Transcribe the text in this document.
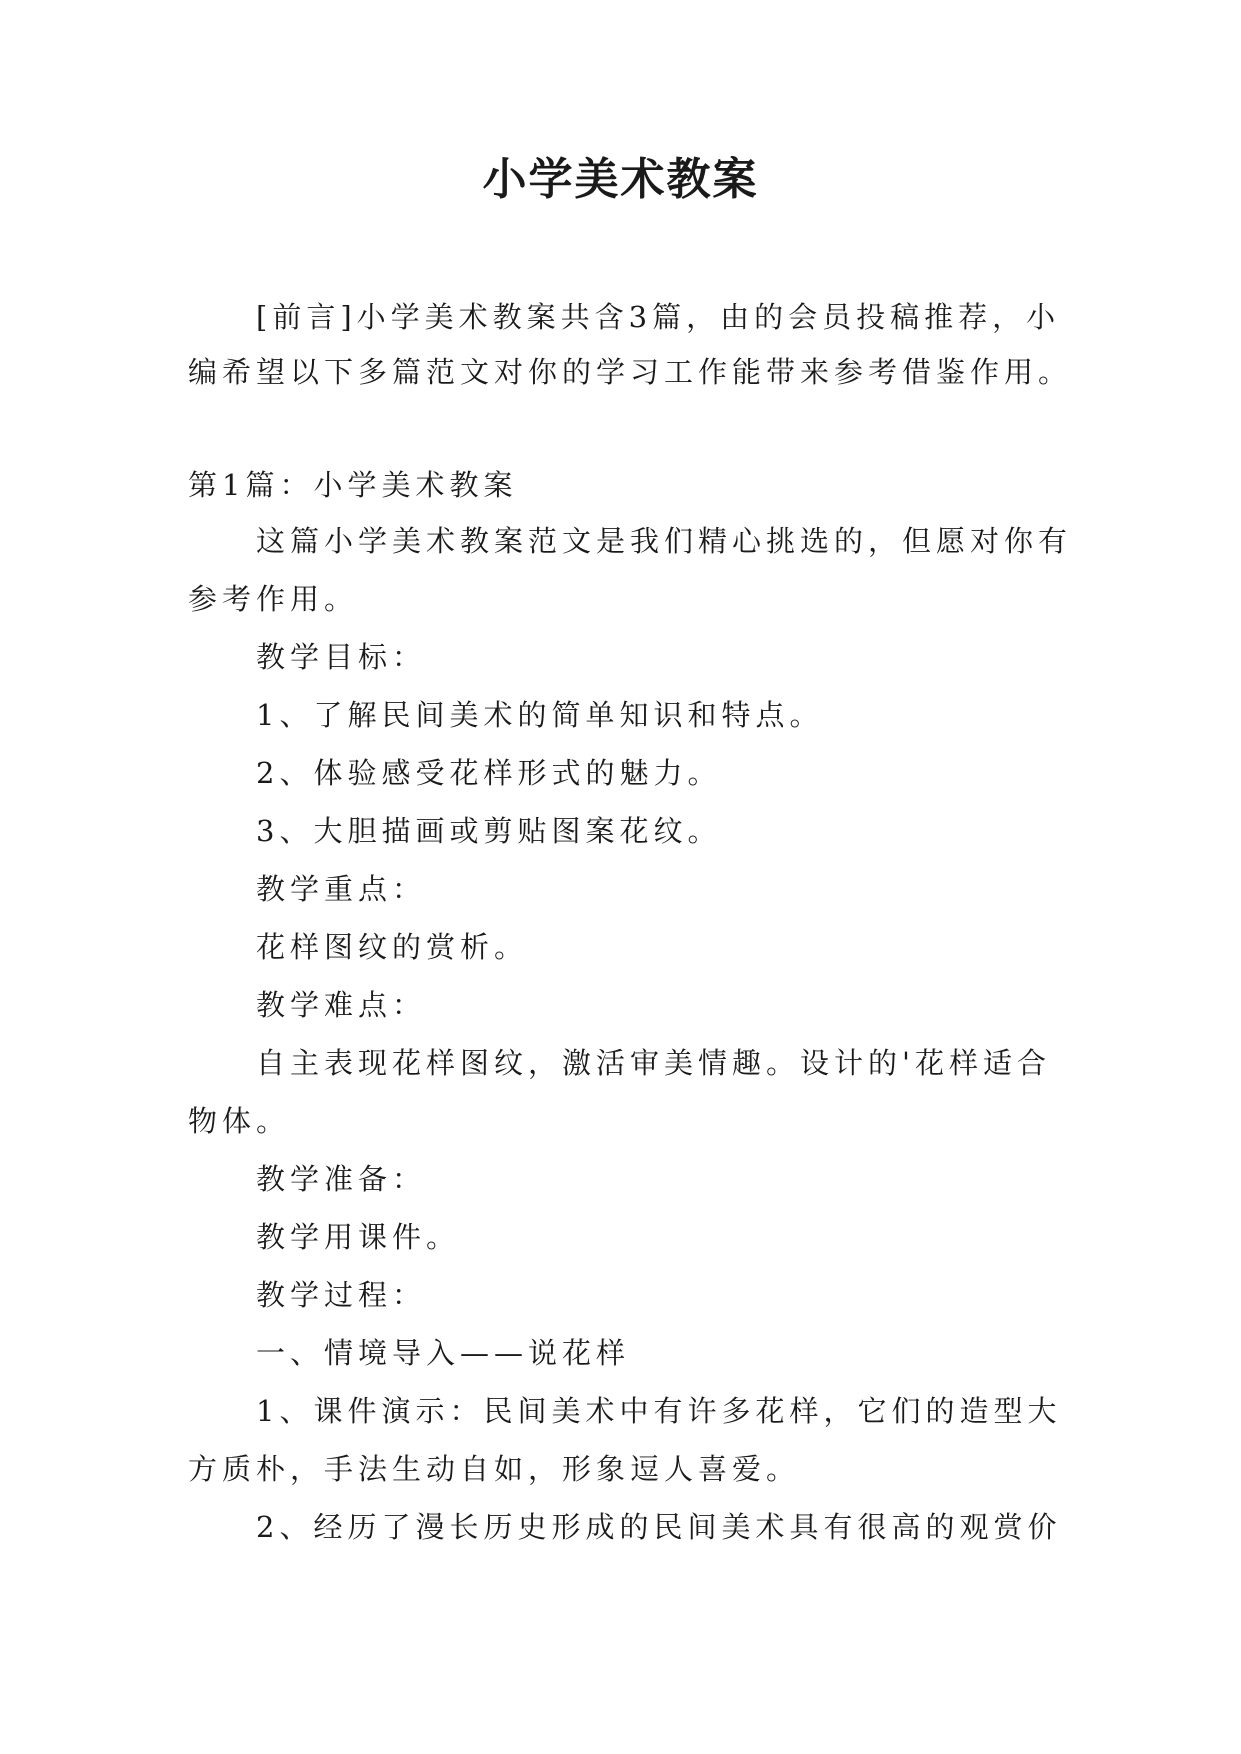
小学美术教案
[前言]小学美术教案共含3篇，由的会员投稿推荐，小
编希望以下多篇范文对你的学习工作能带来参考借鉴作用。
第1篇：小学美术教案
这篇小学美术教案范文是我们精心挑选的，但愿对你有
参考作用。
教学目标：
1、了解民间美术的简单知识和特点。
2、体验感受花样形式的魅力。
3、大胆描画或剪贴图案花纹。
教学重点：
花样图纹的赏析。
教学难点：
自主表现花样图纹，激活审美情趣。设计的'花样适合
物体。
教学准备：
教学用课件。
教学过程：
一、情境导入——说花样
1、课件演示：民间美术中有许多花样，它们的造型大
方质朴，手法生动自如，形象逗人喜爱。
2、经历了漫长历史形成的民间美术具有很高的观赏价
